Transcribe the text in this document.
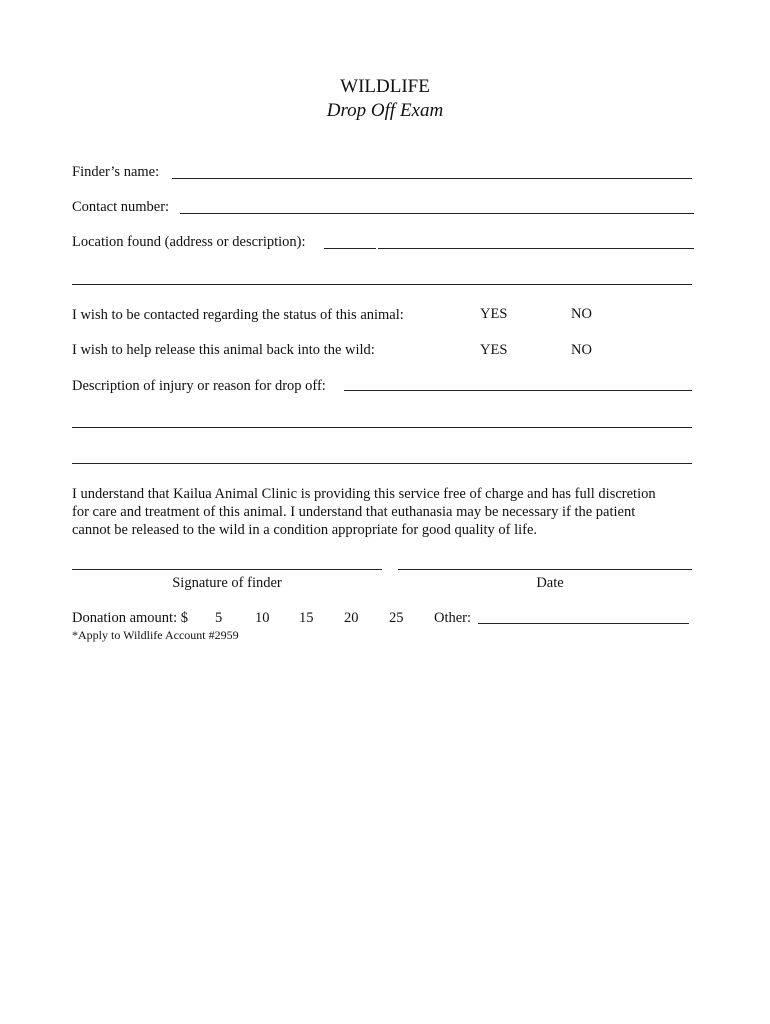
WILDLIFE
Drop Off Exam
Finder’s name:
Contact number:
Location found (address or description):
I wish to be contacted regarding the status of this animal:	YES	NO
I wish to help release this animal back into the wild:	YES	NO
Description of injury or reason for drop off:
I understand that Kailua Animal Clinic is providing this service free of charge and has full discretion
for care and treatment of this animal. I understand that euthanasia may be necessary if the patient
cannot be released to the wild in a condition appropriate for good quality of life.
Signature of finder	Date
Donation amount: $ 5 10 15 20 25 Other:
*Apply to Wildlife Account #2959
